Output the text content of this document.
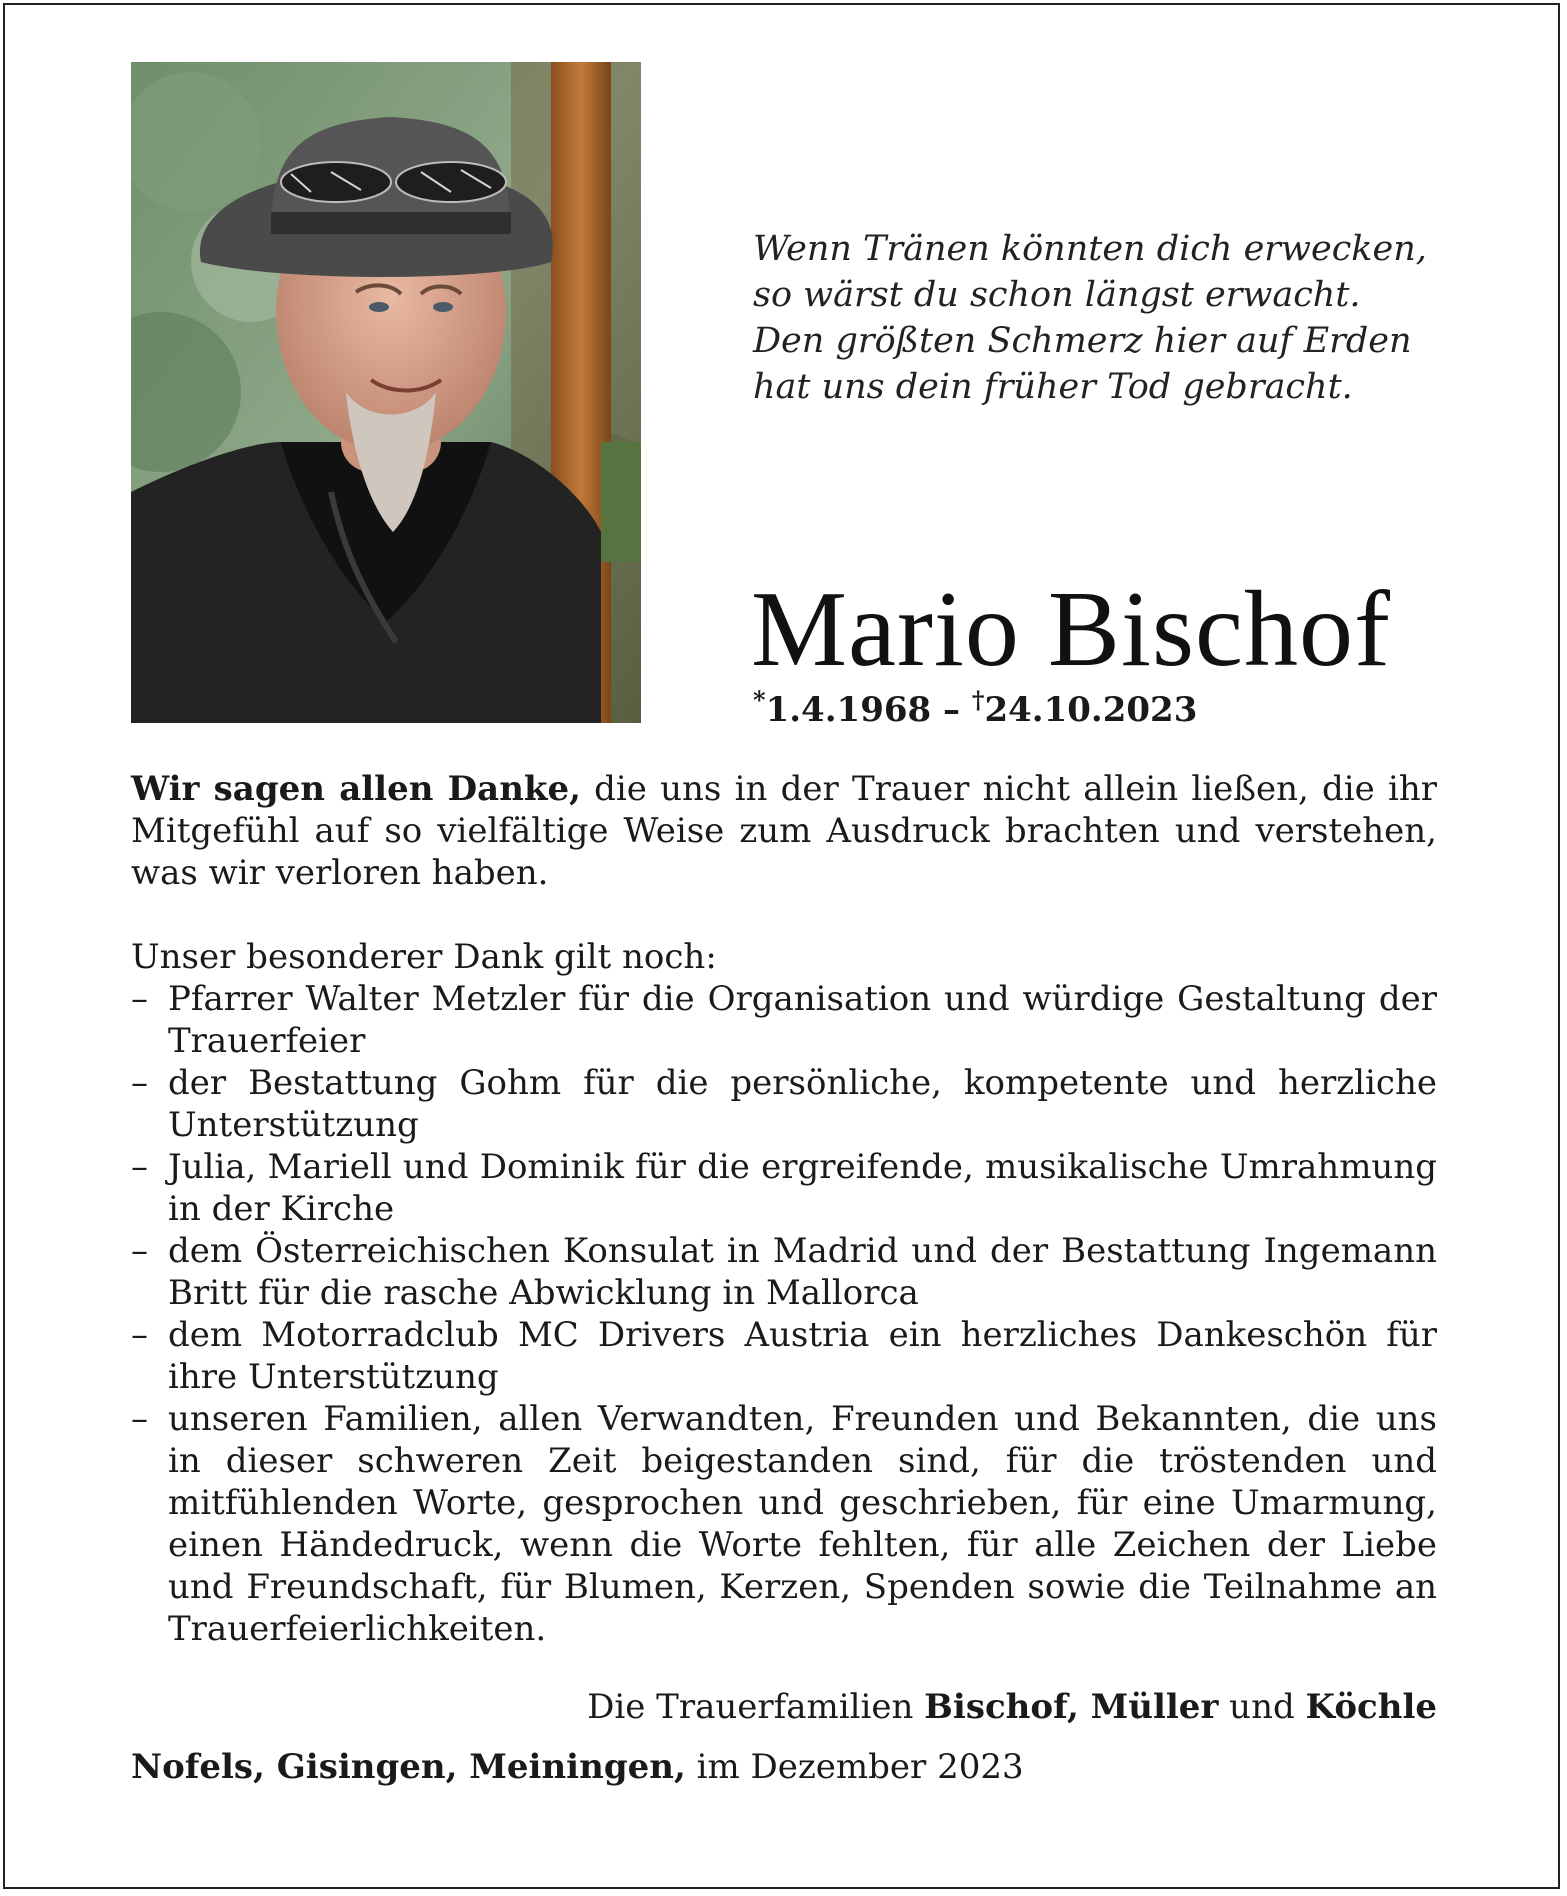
Wenn Tränen könnten dich erwecken,
so wärst du schon längst erwacht.
Den größten Schmerz hier auf Erden
hat uns dein früher Tod gebracht.
Mario Bischof
*1.4.1968 – †24.10.2023

Wir sagen allen Danke, die uns in der Trauer nicht allein ließen, die ihr Mitgefühl auf so vielfältige Weise zum Ausdruck brachten und verstehen, was wir verloren haben.

Unser besonderer Dank gilt noch:

– Pfarrer Walter Metzler für die Organisation und würdige Gestaltung der Trauerfeier
– der Bestattung Gohm für die persönliche, kompetente und herzliche Unterstützung
– Julia, Mariell und Dominik für die ergreifende, musikalische Umrahmung in der Kirche
– dem Österreichischen Konsulat in Madrid und der Bestattung Ingemann Britt für die rasche Abwicklung in Mallorca
– dem Motorradclub MC Drivers Austria ein herzliches Dankeschön für ihre Unterstützung
– unseren Familien, allen Verwandten, Freunden und Bekannten, die uns in dieser schweren Zeit beigestanden sind, für die tröstenden und mitfühlenden Worte, gesprochen und geschrieben, für eine Umarmung, einen Händedruck, wenn die Worte fehlten, für alle Zeichen der Liebe und Freundschaft, für Blumen, Kerzen, Spenden sowie die Teilnahme an Trauerfeierlichkeiten.
Die Trauerfamilien Bischof, Müller und Köchle
Nofels, Gisingen, Meiningen, im Dezember 2023
